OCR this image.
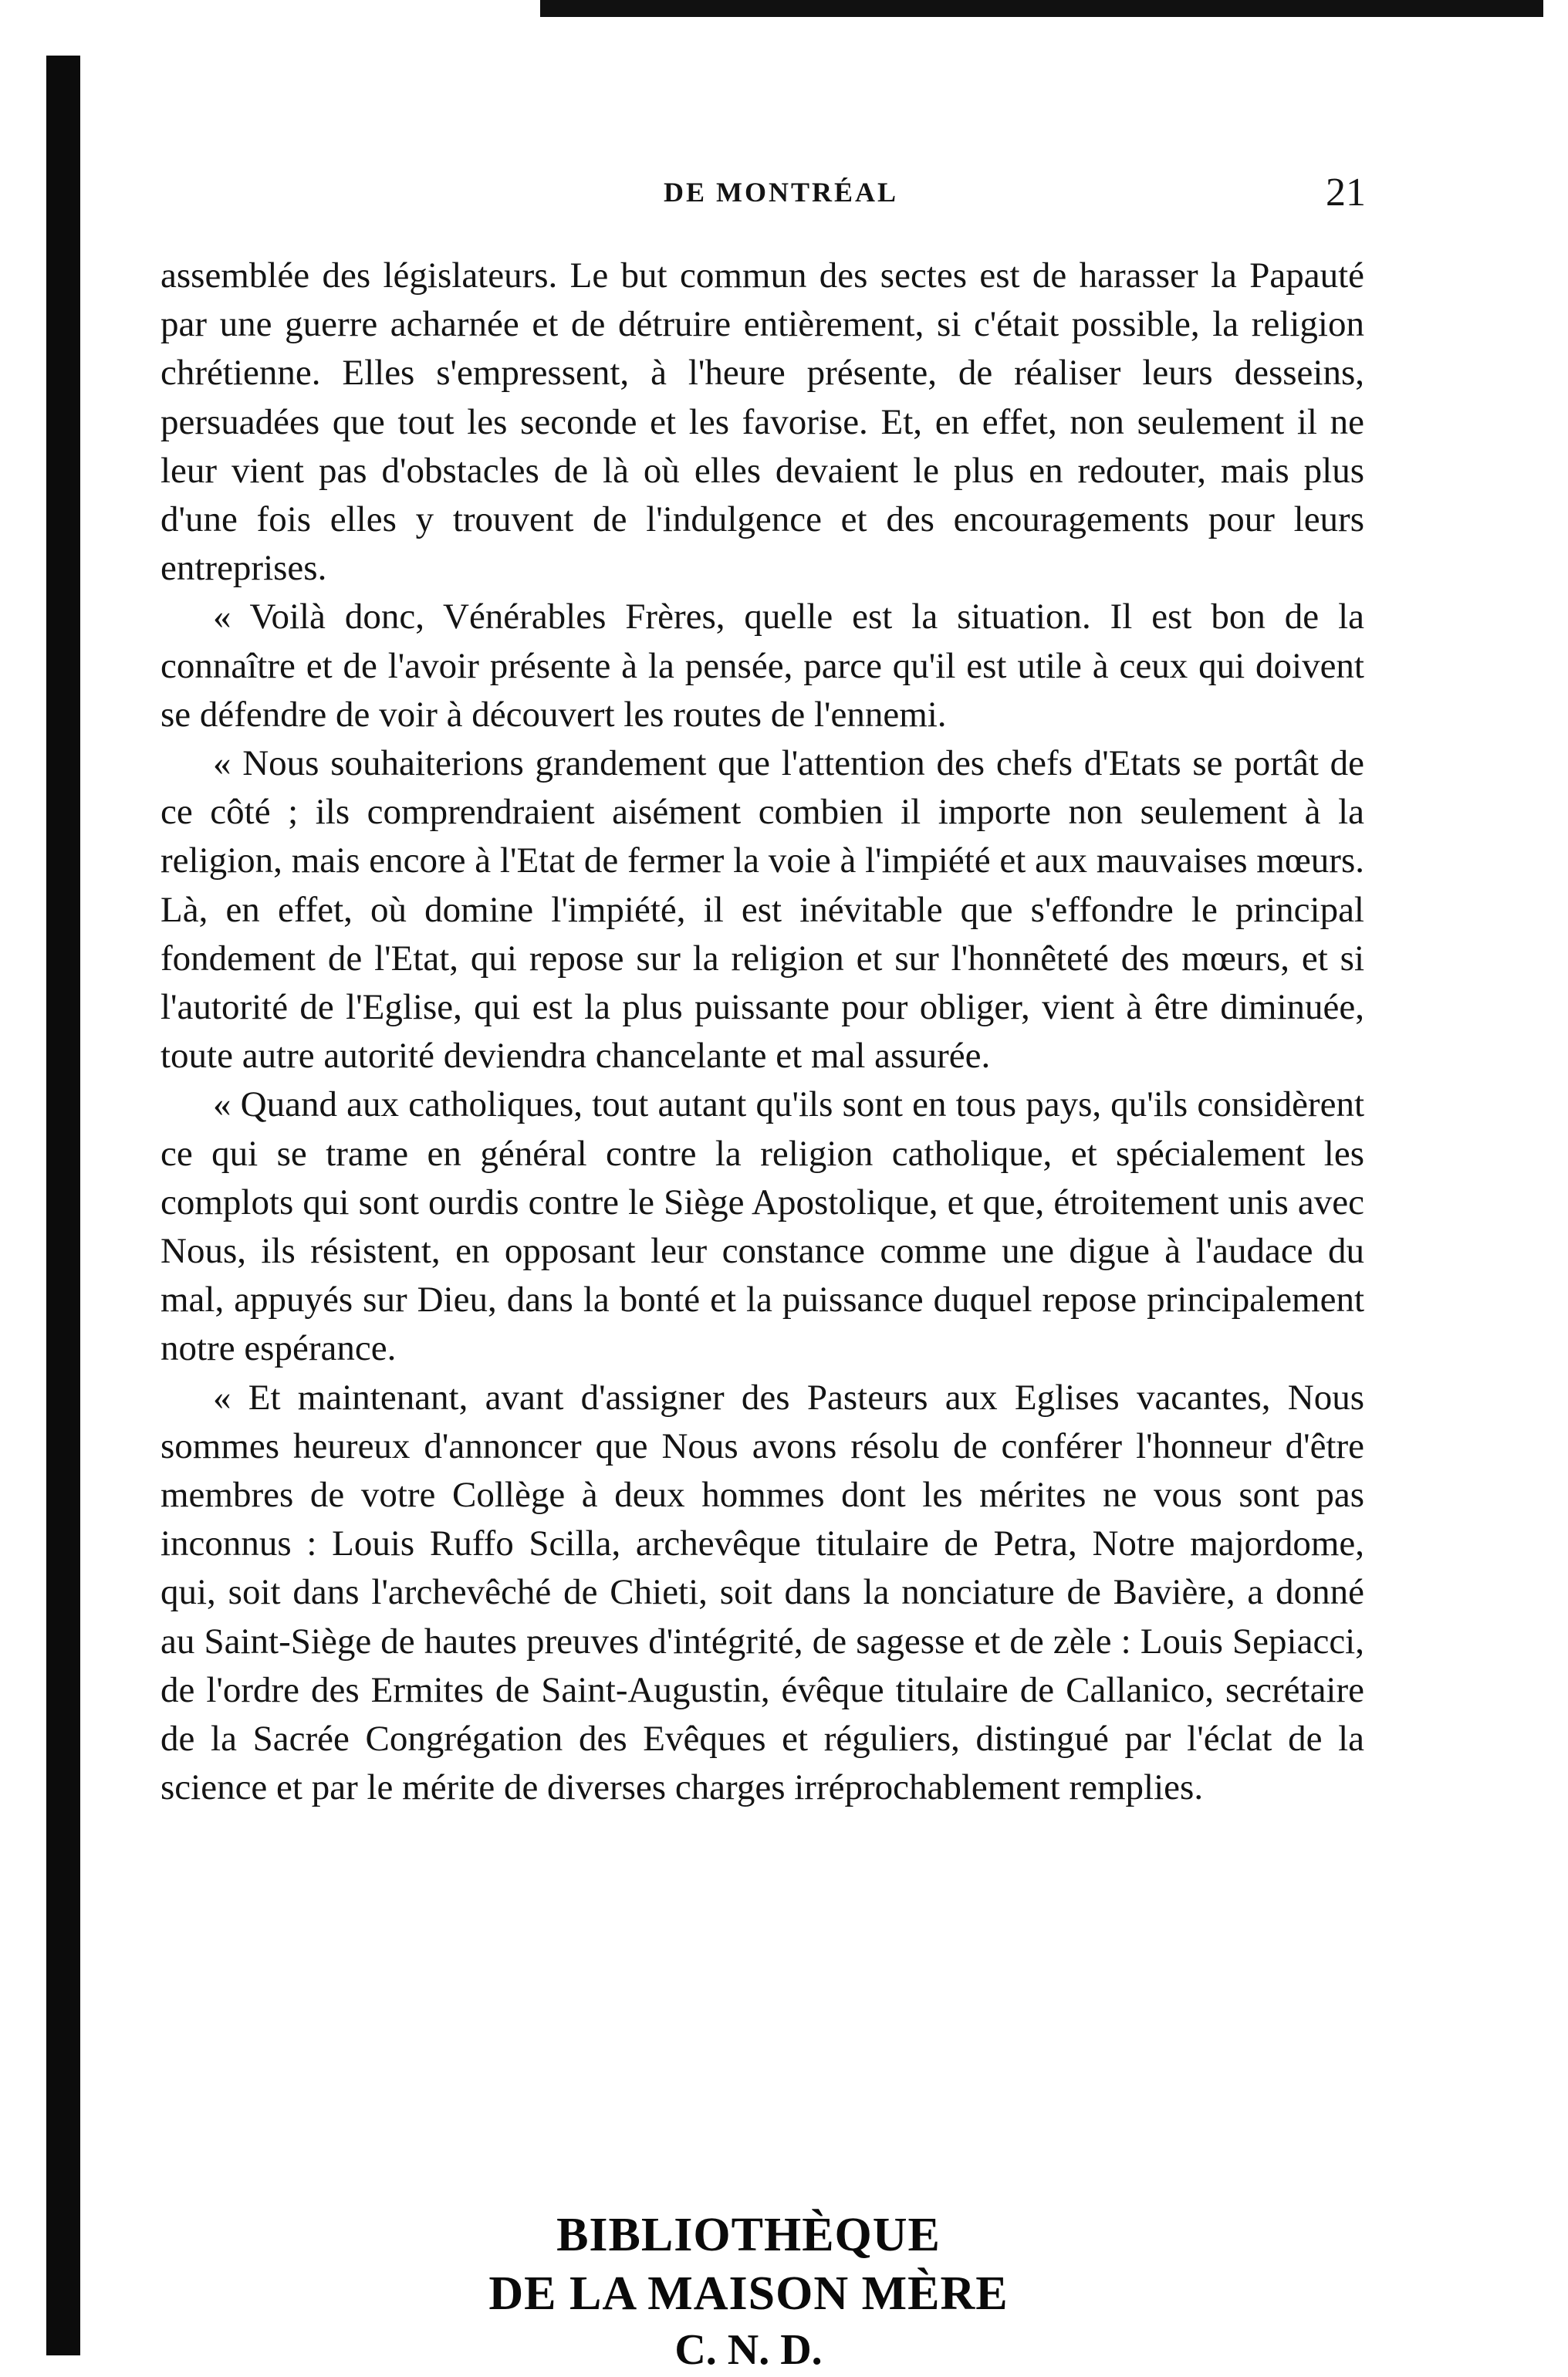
DE MONTRÉAL	21

assemblée des législateurs. Le but commun des sectes est de harasser la Papauté par une guerre acharnée et de détruire entièrement, si c'était possible, la religion chrétienne. Elles s'empressent, à l'heure présente, de réaliser leurs desseins, persuadées que tout les seconde et les favorise. Et, en effet, non seulement il ne leur vient pas d'obstacles de là où elles devaient le plus en redouter, mais plus d'une fois elles y trouvent de l'indulgence et des encouragements pour leurs entreprises.

« Voilà donc, Vénérables Frères, quelle est la situation. Il est bon de la connaître et de l'avoir présente à la pensée, parce qu'il est utile à ceux qui doivent se défendre de voir à découvert les routes de l'ennemi.

« Nous souhaiterions grandement que l'attention des chefs d'Etats se portât de ce côté ; ils comprendraient aisément combien il importe non seulement à la religion, mais encore à l'Etat de fermer la voie à l'impiété et aux mauvaises mœurs. Là, en effet, où domine l'impiété, il est inévitable que s'effondre le principal fondement de l'Etat, qui repose sur la religion et sur l'honnêteté des mœurs, et si l'autorité de l'Eglise, qui est la plus puissante pour obliger, vient à être diminuée, toute autre autorité deviendra chancelante et mal assurée.

« Quand aux catholiques, tout autant qu'ils sont en tous pays, qu'ils considèrent ce qui se trame en général contre la religion catholique, et spécialement les complots qui sont ourdis contre le Siège Apostolique, et que, étroitement unis avec Nous, ils résistent, en opposant leur constance comme une digue à l'audace du mal, appuyés sur Dieu, dans la bonté et la puissance duquel repose principalement notre espérance.

« Et maintenant, avant d'assigner des Pasteurs aux Eglises vacantes, Nous sommes heureux d'annoncer que Nous avons résolu de conférer l'honneur d'être membres de votre Collège à deux hommes dont les mérites ne vous sont pas inconnus : Louis Ruffo Scilla, archevêque titulaire de Petra, Notre majordome, qui, soit dans l'archevêché de Chieti, soit dans la nonciature de Bavière, a donné au Saint-Siège de hautes preuves d'intégrité, de sagesse et de zèle : Louis Sepiacci, de l'ordre des Ermites de Saint-Augustin, évêque titulaire de Callanico, secrétaire de la Sacrée Congrégation des Evêques et réguliers, distingué par l'éclat de la science et par le mérite de diverses charges irréprochablement remplies.

BIBLIOTHÈQUE
DE LA MAISON MÈRE
C. N. D.
